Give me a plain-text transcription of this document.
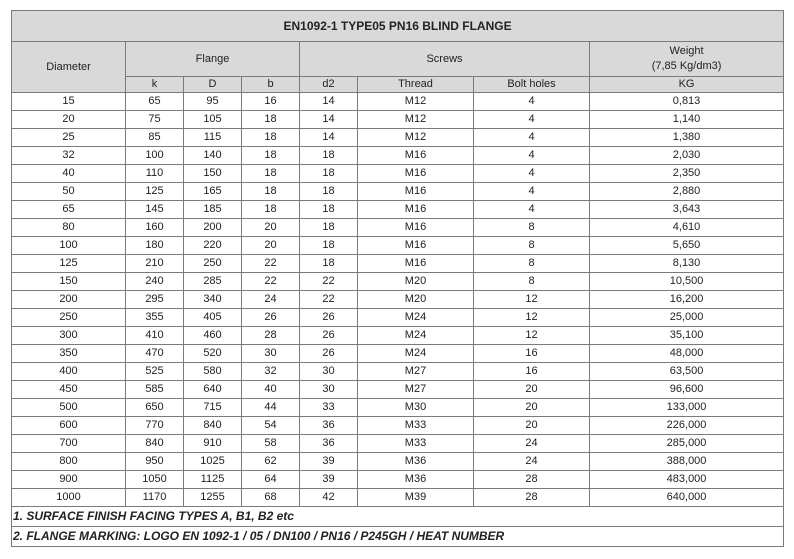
EN1092-1 TYPE05 PN16 BLIND FLANGE							
Diameter	Flange			Screws			Weight
(7,85 Kg/dm3)
	k	D	b	d2	Thread	Bolt holes	KG
15	65	95	16	14	M12	4	0,813
20	75	105	18	14	M12	4	1,140
25	85	115	18	14	M12	4	1,380
32	100	140	18	18	M16	4	2,030
40	110	150	18	18	M16	4	2,350
50	125	165	18	18	M16	4	2,880
65	145	185	18	18	M16	4	3,643
80	160	200	20	18	M16	8	4,610
100	180	220	20	18	M16	8	5,650
125	210	250	22	18	M16	8	8,130
150	240	285	22	22	M20	8	10,500
200	295	340	24	22	M20	12	16,200
250	355	405	26	26	M24	12	25,000
300	410	460	28	26	M24	12	35,100
350	470	520	30	26	M24	16	48,000
400	525	580	32	30	M27	16	63,500
450	585	640	40	30	M27	20	96,600
500	650	715	44	33	M30	20	133,000
600	770	840	54	36	M33	20	226,000
700	840	910	58	36	M33	24	285,000
800	950	1025	62	39	M36	24	388,000
900	1050	1125	64	39	M36	28	483,000
1000	1170	1255	68	42	M39	28	640,000
1. SURFACE FINISH FACING TYPES A, B1, B2 etc							
2. FLANGE MARKING: LOGO EN 1092-1 / 05 / DN100 / PN16 / P245GH / HEAT NUMBER							
